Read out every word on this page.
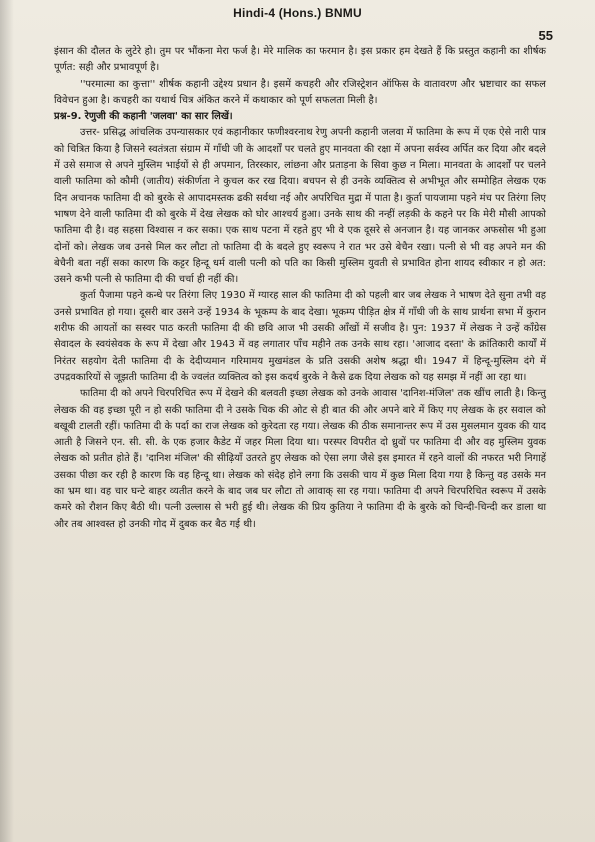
Hindi-4 (Hons.) BNMU
55

इंसान की दौलत के लुटेरे हो। तुम पर भौंकना मेरा फर्ज है। मेरे मालिक का फरमान है। इस प्रकार हम देखते हैं कि प्रस्तुत कहानी का शीर्षक पूर्णत: सही और प्रभावपूर्ण है।

''परमात्मा का कुत्ता'' शीर्षक कहानी उद्देश्य प्रधान है। इसमें कचहरी और रजिस्ट्रेशन ऑफिस के वातावरण और भ्रष्टाचार का सफल विवेचन हुआ है। कचहरी का यथार्थ चित्र अंकित करने में कथाकार को पूर्ण सफलता मिली है।

प्रश्न-9. रेणुजी की कहानी 'जलवा' का सार लिखें।

उत्तर- प्रसिद्ध आंचलिक उपन्यासकार एवं कहानीकार फणीश्वरनाथ रेणु अपनी कहानी जलवा में फातिमा के रूप में एक ऐसे नारी पात्र को चित्रित किया है जिसने स्वतंत्रता संग्राम में गाँधी जी के आदर्शों पर चलते हुए मानवता की रक्षा में अपना सर्वस्व अर्पित कर दिया और बदले में उसे समाज से अपने मुस्लिम भाईयों से ही अपमान, तिरस्कार, लांछना और प्रताड़ना के सिवा कुछ न मिला। मानवता के आदर्शों पर चलने वाली फातिमा को कौमी (जातीय) संकीर्णता ने कुचल कर रख दिया। बचपन से ही उनके व्यक्तित्व से अभीभूत और सम्मोहित लेखक एक दिन अचानक फातिमा दी को बुरके से आपादमस्तक ढकी सर्वथा नई और अपरिचित मुद्रा में पाता है। कुर्ता पायजामा पहने मंच पर तिरंगा लिए भाषण देने वाली फातिमा दी को बुरके में देख लेखक को घोर आश्चर्य हुआ। उनके साथ की नन्हीं लड़की के कहने पर कि मेरी मौसी आपको फातिमा दी है। वह सहसा विश्वास न कर सका। एक साथ पटना में रहते हुए भी वे एक दूसरे से अनजान है। यह जानकर अफसोस भी हुआ दोनों को। लेखक जब उनसे मिल कर लौटा तो फातिमा दी के बदले हुए स्वरूप ने रात भर उसे बेचैन रखा। पत्नी से भी वह अपने मन की बेचैनी बता नहीं सका कारण कि कट्टर हिन्दू धर्म वाली पत्नी को पति का किसी मुस्लिम युवती से प्रभावित होना शायद स्वीकार न हो अत: उसने कभी पत्नी से फातिमा दी की चर्चा ही नहीं की।

कुर्ता पैजामा पहने कन्धे पर तिरंगा लिए 1930 में ग्यारह साल की फातिमा दी को पहली बार जब लेखक ने भाषण देते सुना तभी वह उनसे प्रभावित हो गया। दूसरी बार उसने उन्हें 1934 के भूकम्प के बाद देखा। भूकम्प पीड़ित क्षेत्र में गाँधी जी के साथ प्रार्थना सभा में कुरान शरीफ की आयतों का सस्वर पाठ करती फातिमा दी की छवि आज भी उसकी आँखों में सजीव है। पुन: 1937 में लेखक ने उन्हें काँग्रेस सेवादल के स्वयंसेवक के रूप में देखा और 1943 में वह लगातार पाँच महीने तक उनके साथ रहा। 'आजाद दस्ता' के क्रांतिकारी कार्यों में निरंतर सहयोग देती फातिमा दी के देदीप्यमान गरिमामय मुखमंडल के प्रति उसकी अशेष श्रद्धा थी। 1947 में हिन्दू-मुस्लिम दंगे में उपद्रवकारियों से जूझती फातिमा दी के ज्वलंत व्यक्तित्व को इस कदर्थ बुरके ने कैसे ढक दिया लेखक को यह समझ में नहीं आ रहा था।

फातिमा दी को अपने चिरपरिचित रूप में देखने की बलवती इच्छा लेखक को उनके आवास 'दानिश-मंजिल' तक खींच लाती है। किन्तु लेखक की वह इच्छा पूरी न हो सकी फातिमा दी ने उसके चिक की ओट से ही बात की और अपने बारे में किए गए लेखक के हर सवाल को बखूबी टालती रहीं। फातिमा दी के पर्दा का राज लेखक को कुरेदता रह गया। लेखक की ठीक समानान्तर रूप में उस मुसलमान युवक की याद आती है जिसने एन. सी. सी. के एक हजार कैडेट में जहर मिला दिया था। परस्पर विपरीत दो ध्रुवों पर फातिमा दी और वह मुस्लिम युवक लेखक को प्रतीत होते हैं। 'दानिश मंजिल' की सीढ़ियाँ उतरते हुए लेखक को ऐसा लगा जैसे इस इमारत में रहने वालों की नफरत भरी निगाहें उसका पीछा कर रही है कारण कि वह हिन्दू था। लेखक को संदेह होने लगा कि उसकी चाय में कुछ मिला दिया गया है किन्तु वह उसके मन का भ्रम था। वह चार घन्टे बाहर व्यतीत करने के बाद जब घर लौटा तो आवाक् सा रह गया। फातिमा दी अपने चिरपरिचित स्वरूप में उसके कमरे को रौशन किए बैठी थी। पत्नी उल्लास से भरी हुई थी। लेखक की प्रिय कुतिया ने फातिमा दी के बुरके को चिन्दी-चिन्दी कर डाला था और तब आश्वस्त हो उनकी गोद में दुबक कर बैठ गई थी।
